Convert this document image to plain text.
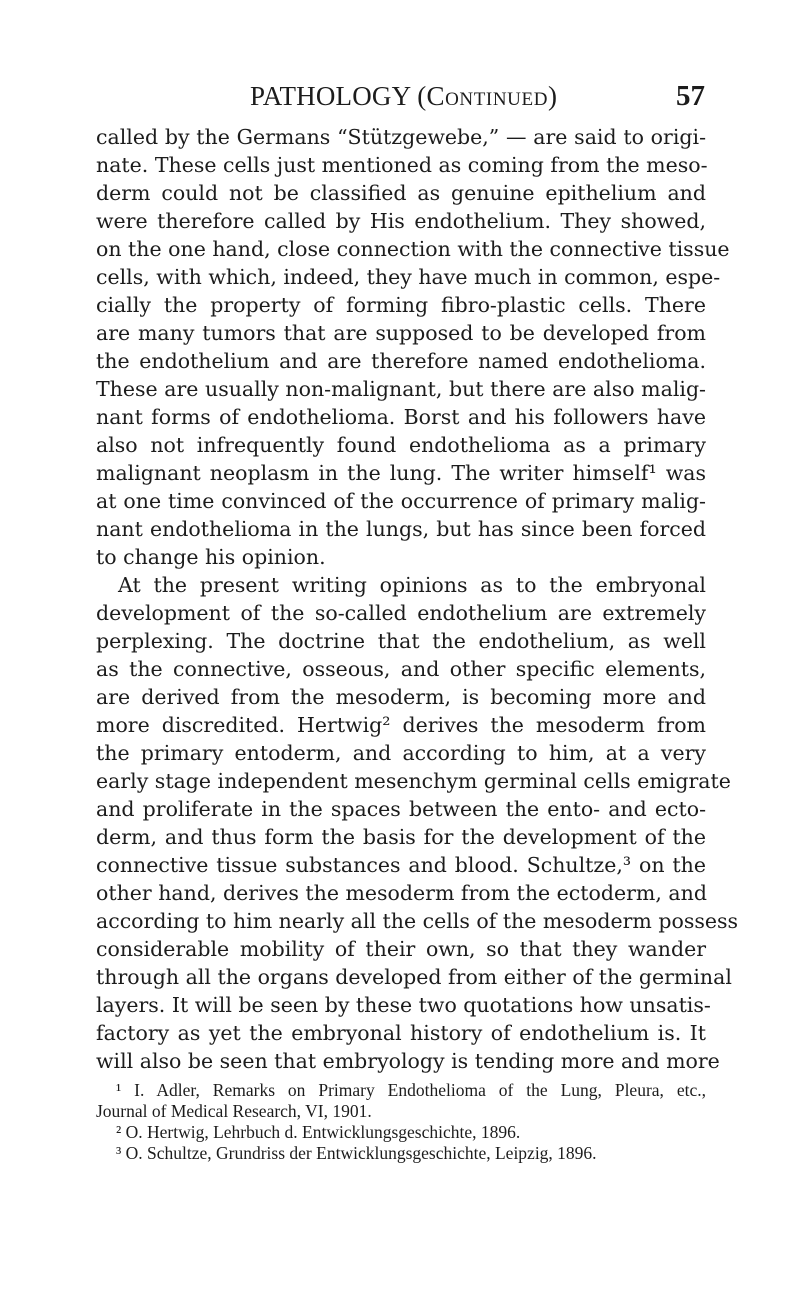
PATHOLOGY (Continued)	57
called by the Germans “Stützgewebe,” — are said to origi-
nate. These cells just mentioned as coming from the meso-
derm could not be classified as genuine epithelium and
were therefore called by His endothelium. They showed,
on the one hand, close connection with the connective tissue
cells, with which, indeed, they have much in common, espe-
cially the property of forming fibro-plastic cells. There
are many tumors that are supposed to be developed from
the endothelium and are therefore named endothelioma.
These are usually non-malignant, but there are also malig-
nant forms of endothelioma. Borst and his followers have
also not infrequently found endothelioma as a primary
malignant neoplasm in the lung. The writer himself¹ was
at one time convinced of the occurrence of primary malig-
nant endothelioma in the lungs, but has since been forced
to change his opinion.
At the present writing opinions as to the embryonal
development of the so-called endothelium are extremely
perplexing. The doctrine that the endothelium, as well
as the connective, osseous, and other specific elements,
are derived from the mesoderm, is becoming more and
more discredited. Hertwig² derives the mesoderm from
the primary entoderm, and according to him, at a very
early stage independent mesenchym germinal cells emigrate
and proliferate in the spaces between the ento- and ecto-
derm, and thus form the basis for the development of the
connective tissue substances and blood. Schultze,³ on the
other hand, derives the mesoderm from the ectoderm, and
according to him nearly all the cells of the mesoderm possess
considerable mobility of their own, so that they wander
through all the organs developed from either of the germinal
layers. It will be seen by these two quotations how unsatis-
factory as yet the embryonal history of endothelium is. It
will also be seen that embryology is tending more and more
¹ I. Adler, Remarks on Primary Endothelioma of the Lung, Pleura, etc.,
Journal of Medical Research, VI, 1901.
² O. Hertwig, Lehrbuch d. Entwicklungsgeschichte, 1896.
³ O. Schultze, Grundriss der Entwicklungsgeschichte, Leipzig, 1896.
